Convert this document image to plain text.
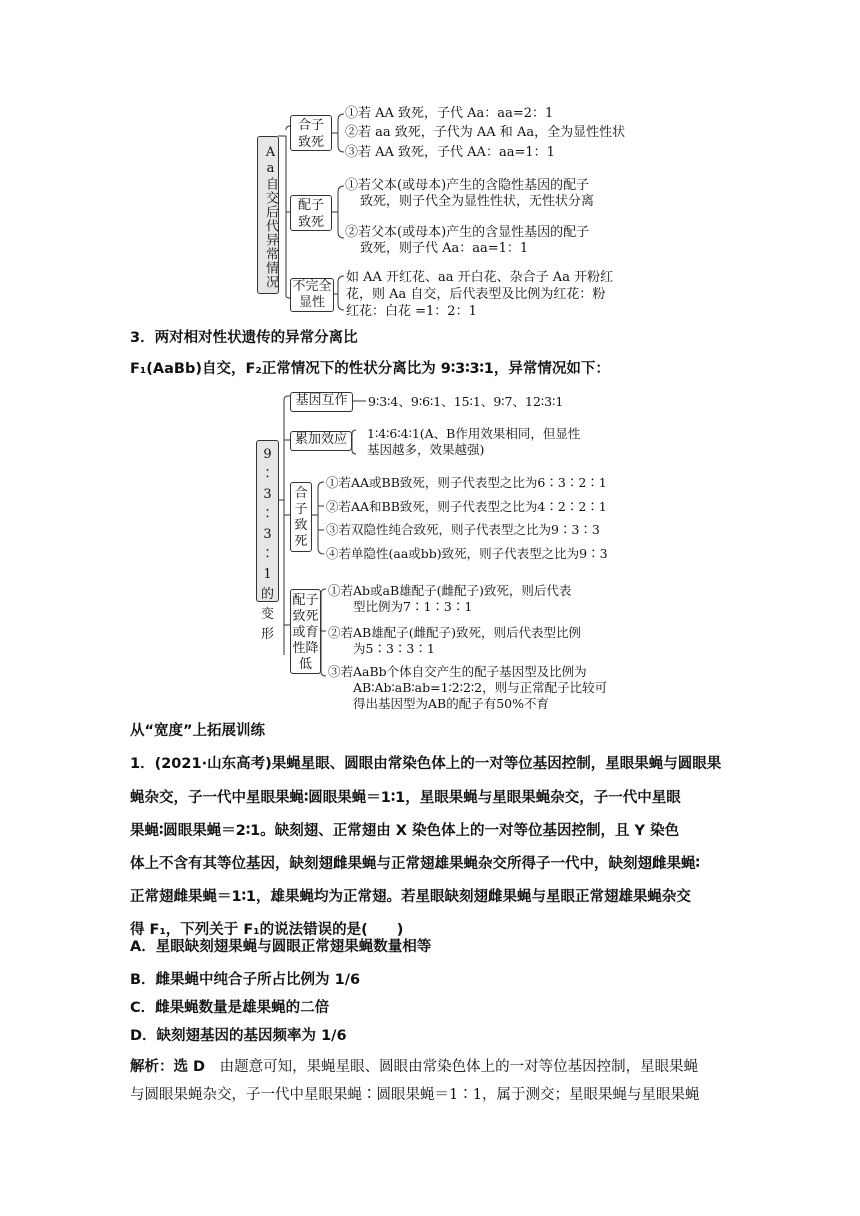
Aa自交后代异常情况
合子致死
①若 AA 致死，子代 Aa：aa=2：1
②若 aa 致死，子代为 AA 和 Aa，全为显性性状
③若 AA 致死，子代 AA：aa=1：1
配子致死
①若父本(或母本)产生的含隐性基因的配子
致死，则子代全为显性性状，无性状分离
②若父本(或母本)产生的含显性基因的配子
致死，则子代 Aa：aa=1：1
不完全显性
如 AA 开红花、aa 开白花、杂合子 Aa 开粉红
花，则 Aa 自交，后代表型及比例为红花：粉
红花：白花 =1：2：1
3．两对相对性状遗传的异常分离比
F₁(AaBb)自交，F₂正常情况下的性状分离比为 9∶3∶3∶1，异常情况如下：
9∶3∶3∶1的变形
基因互作	9∶3∶4、9∶6∶1、15∶1、9∶7、12∶3∶1
累加效应	1∶4∶6∶4∶1(A、B作用效果相同，但显性
基因越多，效果越强)
合子致死
①若AA或BB致死，则子代表型之比为6∶3∶2∶1
②若AA和BB致死，则子代表型之比为4∶2∶2∶1
③若双隐性纯合致死，则子代表型之比为9∶3∶3
④若单隐性(aa或bb)致死，则子代表型之比为9∶3
配子致死或育性降低
①若Ab或aB雄配子(雌配子)致死，则后代表
型比例为7∶1∶3∶1
②若AB雄配子(雌配子)致死，则后代表型比例
为5∶3∶3∶1
③若AaBb个体自交产生的配子基因型及比例为
AB∶Ab∶aB∶ab=1∶2∶2∶2，则与正常配子比较可
得出基因型为AB的配子有50%不育
从“宽度”上拓展训练
1．(2021·山东高考)果蝇星眼、圆眼由常染色体上的一对等位基因控制，星眼果蝇与圆眼果
蝇杂交，子一代中星眼果蝇∶圆眼果蝇＝1∶1，星眼果蝇与星眼果蝇杂交，子一代中星眼
果蝇∶圆眼果蝇＝2∶1。缺刻翅、正常翅由 X 染色体上的一对等位基因控制，且 Y 染色
体上不含有其等位基因，缺刻翅雌果蝇与正常翅雄果蝇杂交所得子一代中，缺刻翅雌果蝇∶
正常翅雌果蝇＝1∶1，雄果蝇均为正常翅。若星眼缺刻翅雌果蝇与星眼正常翅雄果蝇杂交
得 F₁，下列关于 F₁的说法错误的是(　　)
A．星眼缺刻翅果蝇与圆眼正常翅果蝇数量相等
B．雌果蝇中纯合子所占比例为 1/6
C．雌果蝇数量是雄果蝇的二倍
D．缺刻翅基因的基因频率为 1/6
解析：选 D　 由题意可知，果蝇星眼、圆眼由常染色体上的一对等位基因控制，星眼果蝇
与圆眼果蝇杂交，子一代中星眼果蝇∶圆眼果蝇＝1∶1，属于测交；星眼果蝇与星眼果蝇
